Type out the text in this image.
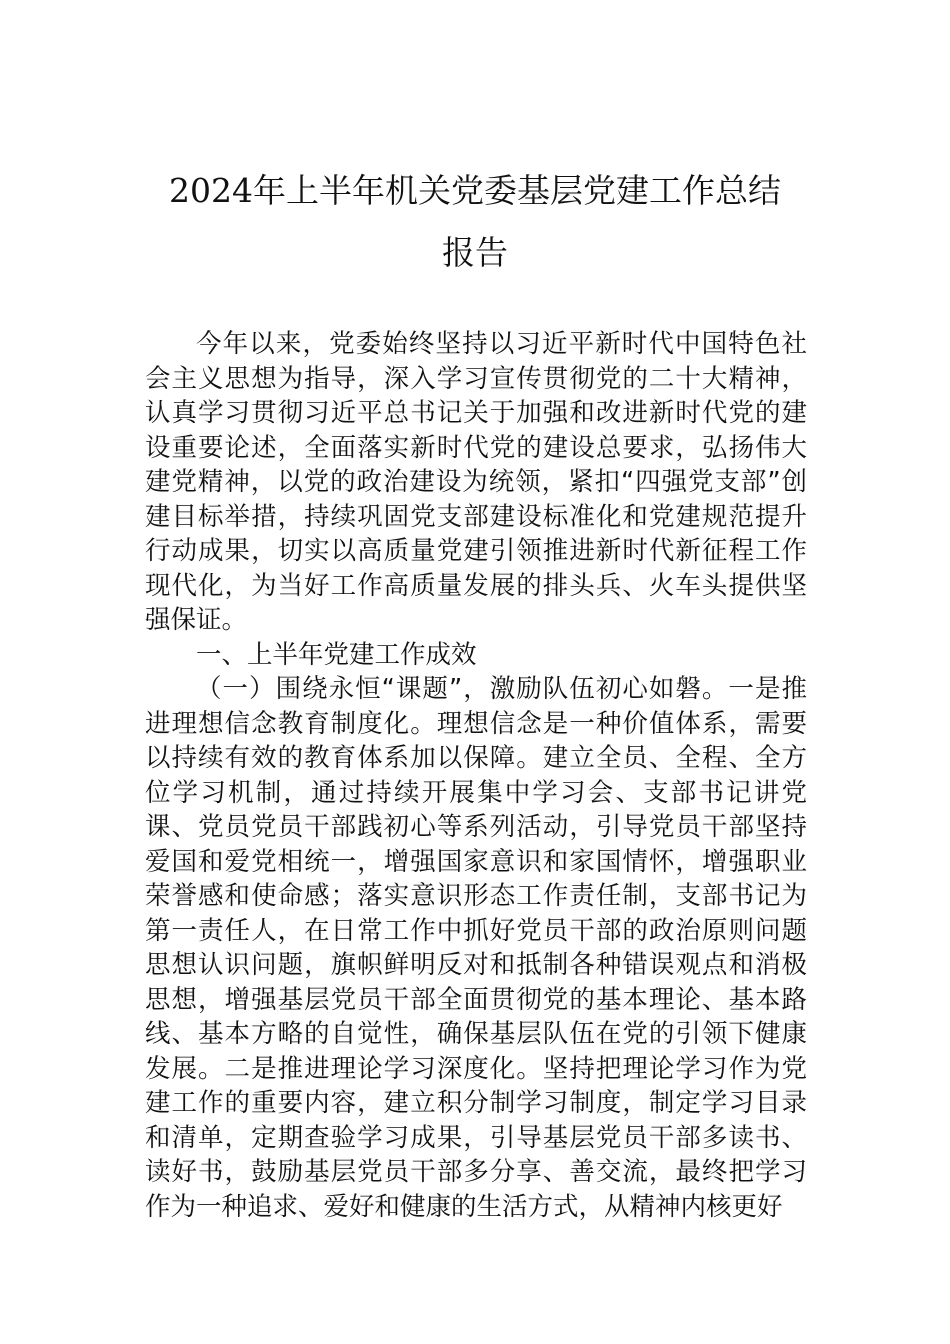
2024年上半年机关党委基层党建工作总结
报告

今年以来，党委始终坚持以习近平新时代中国特色社会主义思想为指导，深入学习宣传贯彻党的二十大精神，认真学习贯彻习近平总书记关于加强和改进新时代党的建设重要论述，全面落实新时代党的建设总要求，弘扬伟大建党精神，以党的政治建设为统领，紧扣“四强党支部”创建目标举措，持续巩固党支部建设标准化和党建规范提升行动成果，切实以高质量党建引领推进新时代新征程工作现代化，为当好工作高质量发展的排头兵、火车头提供坚强保证。

一、上半年党建工作成效

（一）围绕永恒“课题”，激励队伍初心如磐。一是推进理想信念教育制度化。理想信念是一种价值体系，需要以持续有效的教育体系加以保障。建立全员、全程、全方位学习机制，通过持续开展集中学习会、支部书记讲党课、党员党员干部践初心等系列活动，引导党员干部坚持爱国和爱党相统一，增强国家意识和家国情怀，增强职业荣誉感和使命感；落实意识形态工作责任制，支部书记为第一责任人，在日常工作中抓好党员干部的政治原则问题思想认识问题，旗帜鲜明反对和抵制各种错误观点和消极思想，增强基层党员干部全面贯彻党的基本理论、基本路线、基本方略的自觉性，确保基层队伍在党的引领下健康发展。二是推进理论学习深度化。坚持把理论学习作为党建工作的重要内容，建立积分制学习制度，制定学习目录和清单，定期查验学习成果，引导基层党员干部多读书、读好书，鼓励基层党员干部多分享、善交流，最终把学习作为一种追求、爱好和健康的生活方式，从精神内核更好
